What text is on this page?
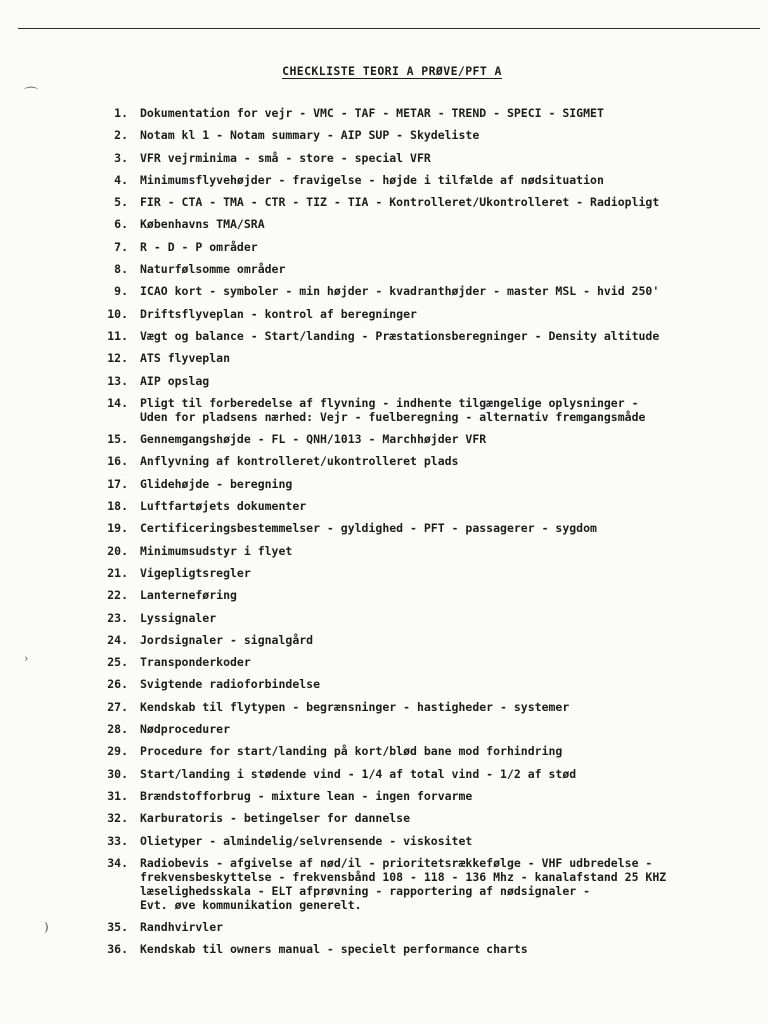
CHECKLISTE TEORI A PRØVE/PFT A
⌒
›
)
1.	Dokumentation for vejr - VMC - TAF - METAR - TREND - SPECI - SIGMET
2.	Notam kl 1 - Notam summary - AIP SUP - Skydeliste
3.	VFR vejrminima - små - store - special VFR
4.	Minimumsflyvehøjder - fravigelse - højde i tilfælde af nødsituation
5.	FIR - CTA - TMA - CTR - TIZ - TIA - Kontrolleret/Ukontrolleret - Radiopligt
6.	Københavns TMA/SRA
7.	R - D - P områder
8.	Naturfølsomme områder
9.	ICAO kort - symboler - min højder - kvadranthøjder - master MSL - hvid 250'
10.	Driftsflyveplan - kontrol af beregninger
11.	Vægt og balance - Start/landing - Præstationsberegninger - Density altitude
12.	ATS flyveplan
13.	AIP opslag
14.	Pligt til forberedelse af flyvning - indhente tilgængelige oplysninger -
Uden for pladsens nærhed: Vejr - fuelberegning - alternativ fremgangsmåde
15.	Gennemgangshøjde - FL - QNH/1013 - Marchhøjder VFR
16.	Anflyvning af kontrolleret/ukontrolleret plads
17.	Glidehøjde - beregning
18.	Luftfartøjets dokumenter
19.	Certificeringsbestemmelser - gyldighed - PFT - passagerer - sygdom
20.	Minimumsudstyr i flyet
21.	Vigepligtsregler
22.	Lanterneføring
23.	Lyssignaler
24.	Jordsignaler - signalgård
25.	Transponderkoder
26.	Svigtende radioforbindelse
27.	Kendskab til flytypen - begrænsninger - hastigheder - systemer
28.	Nødprocedurer
29.	Procedure for start/landing på kort/blød bane mod forhindring
30.	Start/landing i stødende vind - 1/4 af total vind - 1/2 af stød
31.	Brændstofforbrug - mixture lean - ingen forvarme
32.	Karburatoris - betingelser for dannelse
33.	Olietyper - almindelig/selvrensende - viskositet
34.	Radiobevis - afgivelse af nød/il - prioritetsrækkefølge - VHF udbredelse -
frekvensbeskyttelse - frekvensbånd 108 - 118 - 136 Mhz - kanalafstand 25 KHZ
læselighedsskala - ELT afprøvning - rapportering af nødsignaler -
Evt. øve kommunikation generelt.
35.	Randhvirvler
36.	Kendskab til owners manual - specielt performance charts
